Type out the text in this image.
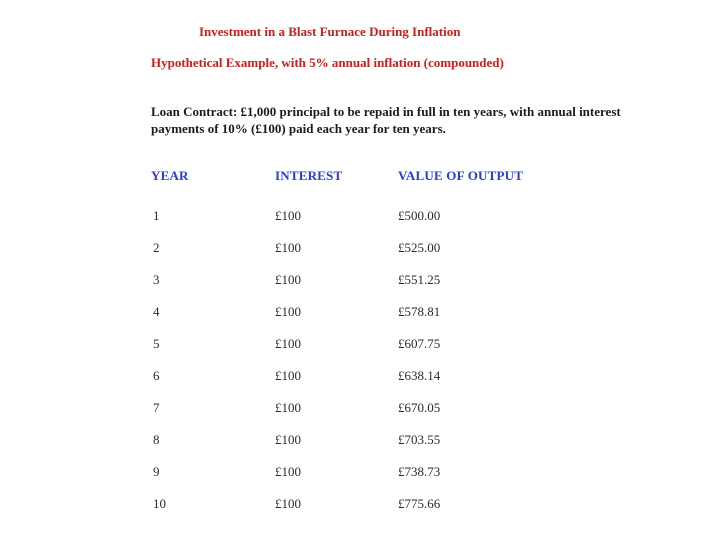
Investment in a Blast Furnace During Inflation
Hypothetical Example, with 5% annual inflation (compounded)
Loan Contract: £1,000 principal to be repaid in full in ten years, with annual interest payments of 10% (£100) paid each year for ten years.
YEAR	INTEREST	VALUE OF OUTPUT
1	£100	£500.00
2	£100	£525.00
3	£100	£551.25
4	£100	£578.81
5	£100	£607.75
6	£100	£638.14
7	£100	£670.05
8	£100	£703.55
9	£100	£738.73
10	£100	£775.66
